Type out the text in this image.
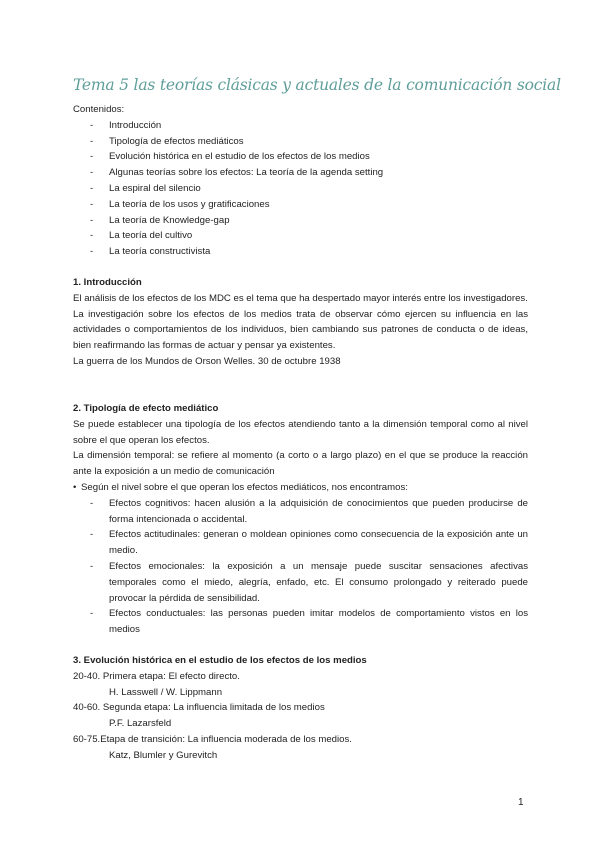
Tema 5 las teorías clásicas y actuales de la comunicación social
Contenidos:
- Introducción
- Tipología de efectos mediáticos
- Evolución histórica en el estudio de los efectos de los medios
- Algunas teorías sobre los efectos: La teoría de la agenda setting
- La espiral del silencio
- La teoría de los usos y gratificaciones
- La teoría de Knowledge-gap
- La teoría del cultivo
- La teoría constructivista
1. Introducción

El análisis de los efectos de los MDC es el tema que ha despertado mayor interés entre los investigadores.

La investigación sobre los efectos de los medios trata de observar cómo ejercen su influencia en las actividades o comportamientos de los individuos, bien cambiando sus patrones de conducta o de ideas, bien reafirmando las formas de actuar y pensar ya existentes.

La guerra de los Mundos de Orson Welles. 30 de octubre 1938

2. Tipología de efecto mediático

Se puede establecer una tipología de los efectos atendiendo tanto a la dimensión temporal como al nivel sobre el que operan los efectos.

La dimensión temporal: se refiere al momento (a corto o a largo plazo) en el que se produce la reacción ante la exposición a un medio de comunicación

• Según el nivel sobre el que operan los efectos mediáticos, nos encontramos:
- Efectos cognitivos: hacen alusión a la adquisición de conocimientos que pueden producirse de forma intencionada o accidental.
- Efectos actitudinales: generan o moldean opiniones como consecuencia de la exposición ante un medio.
- Efectos emocionales: la exposición a un mensaje puede suscitar sensaciones afectivas temporales como el miedo, alegría, enfado, etc. El consumo prolongado y reiterado puede provocar la pérdida de sensibilidad.
- Efectos conductuales: las personas pueden imitar modelos de comportamiento vistos en los medios
3. Evolución histórica en el estudio de los efectos de los medios
20-40. Primera etapa: El efecto directo.
H. Lasswell / W. Lippmann
40-60. Segunda etapa: La influencia limitada de los medios
P.F. Lazarsfeld
60-75.Etapa de transición: La influencia moderada de los medios.
Katz, Blumler y Gurevitch
1
